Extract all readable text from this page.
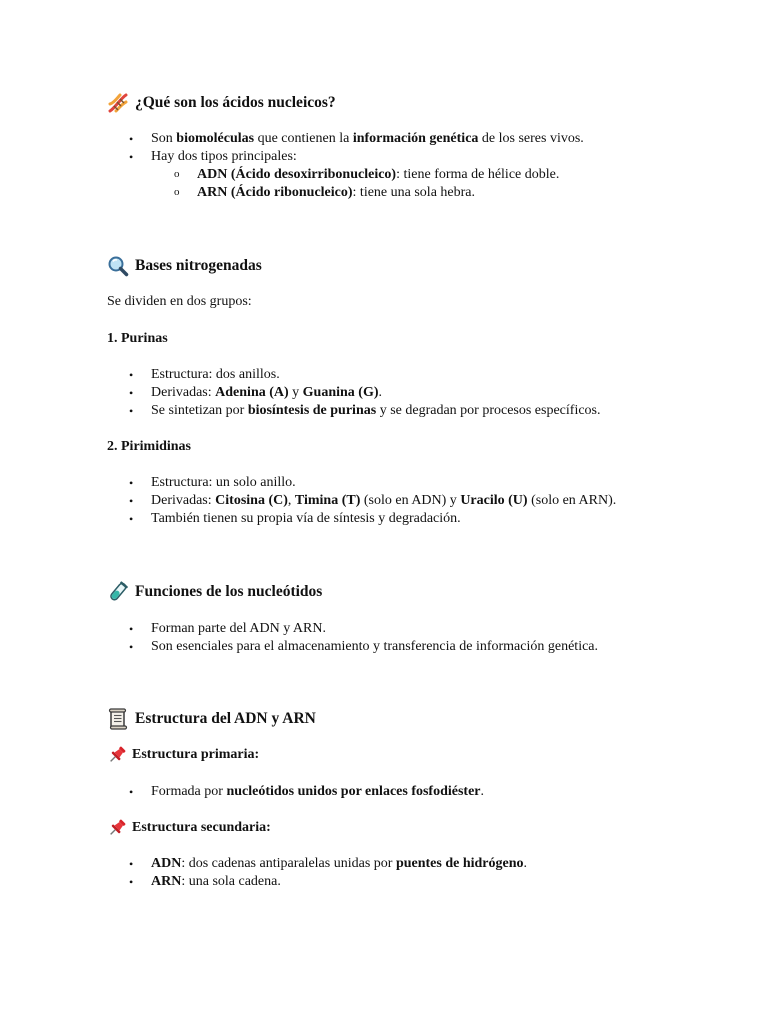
¿Qué son los ácidos nucleicos?
• Son biomoléculas que contienen la información genética de los seres vivos.
• Hay dos tipos principales:
o ADN (Ácido desoxirribonucleico): tiene forma de hélice doble.
o ARN (Ácido ribonucleico): tiene una sola hebra.
Bases nitrogenadas
Se dividen en dos grupos:
1. Purinas
• Estructura: dos anillos.
• Derivadas: Adenina (A) y Guanina (G).
• Se sintetizan por biosíntesis de purinas y se degradan por procesos específicos.
2. Pirimidinas
• Estructura: un solo anillo.
• Derivadas: Citosina (C), Timina (T) (solo en ADN) y Uracilo (U) (solo en ARN).
• También tienen su propia vía de síntesis y degradación.
Funciones de los nucleótidos
• Forman parte del ADN y ARN.
• Son esenciales para el almacenamiento y transferencia de información genética.
Estructura del ADN y ARN
Estructura primaria:
• Formada por nucleótidos unidos por enlaces fosfodiéster.
Estructura secundaria:
• ADN: dos cadenas antiparalelas unidas por puentes de hidrógeno.
• ARN: una sola cadena.
